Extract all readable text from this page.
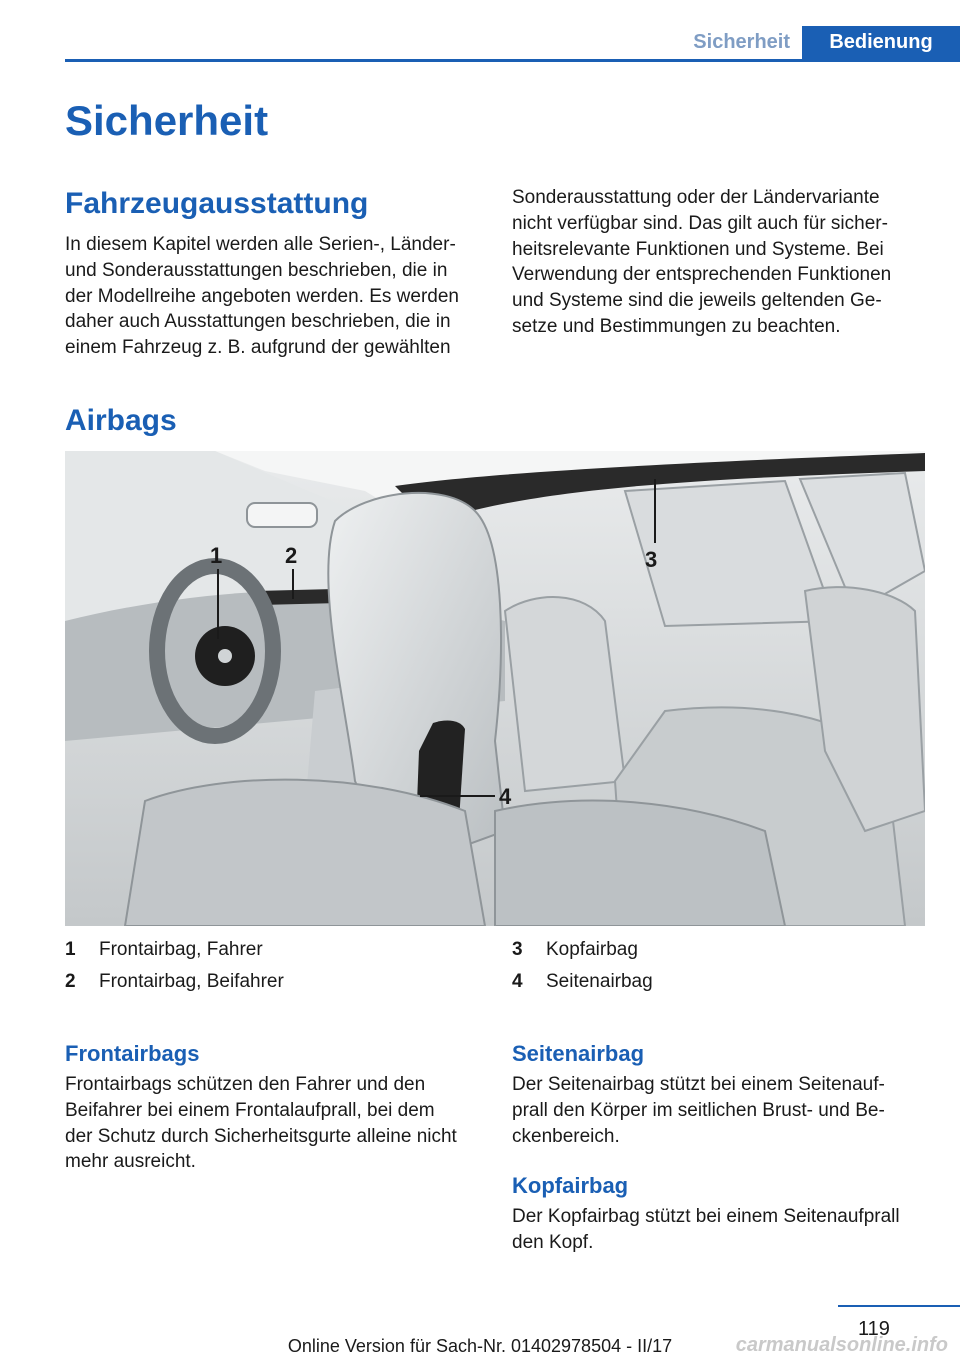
Sicherheit	Bedienung
Sicherheit
Fahrzeugausstattung
In diesem Kapitel werden alle Serien-, Länder-
und Sonderausstattungen beschrieben, die in
der Modellreihe angeboten werden. Es werden
daher auch Ausstattungen beschrieben, die in
einem Fahrzeug z. B. aufgrund der gewählten
Sonderausstattung oder der Ländervariante
nicht verfügbar sind. Das gilt auch für sicher-
heitsrelevante Funktionen und Systeme. Bei
Verwendung der entsprechenden Funktionen
und Systeme sind die jeweils geltenden Ge-
setze und Bestimmungen zu beachten.
Airbags
1	2	3
4
1 Frontairbag, Fahrer
2 Frontairbag, Beifahrer
3 Kopfairbag
4 Seitenairbag
Frontairbags
Frontairbags schützen den Fahrer und den
Beifahrer bei einem Frontalaufprall, bei dem
der Schutz durch Sicherheitsgurte alleine nicht
mehr ausreicht.
Seitenairbag
Der Seitenairbag stützt bei einem Seitenauf-
prall den Körper im seitlichen Brust- und Be-
ckenbereich.
Kopfairbag
Der Kopfairbag stützt bei einem Seitenaufprall
den Kopf.
119
Online Version für Sach-Nr. 01402978504 - II/17	carmanualsonline.info
